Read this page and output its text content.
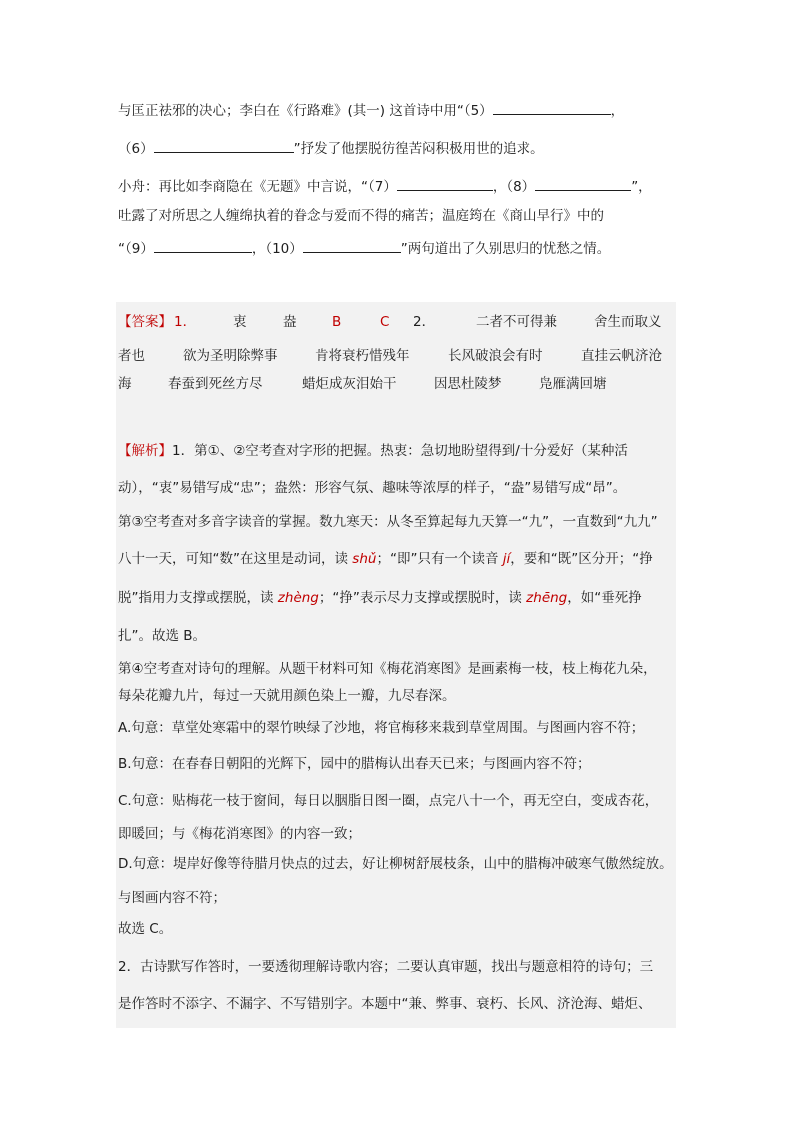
与匡正祛邪的决心；李白在《行路难》(其一) 这首诗中用“（5）	，
（6）	”抒发了他摆脱彷徨苦闷积极用世的追求。
小舟：再比如李商隐在《无题》中言说，“（7）	，（8）	”，
吐露了对所思之人缠绵执着的眷念与爱而不得的痛苦；温庭筠在《商山早行》中的
“（9）	，（10）	”两句道出了久别思归的忧愁之情。
【答案】 1．	衷	盎	B	C 2．	二者不可得兼	舍生而取义
者也	欲为圣明除弊事	肯将衰朽惜残年	长风破浪会有时	直挂云帆济沧
海	春蚕到死丝方尽	蜡炬成灰泪始干	因思杜陵梦	凫雁满回塘
【解析】1．第①、②空考查对字形的把握。热衷：急切地盼望得到/十分爱好（某种活
动），“衷”易错写成“忠”；盎然：形容气氛、趣味等浓厚的样子，“盎”易错写成“昂”。
第③空考查对多音字读音的掌握。数九寒天：从冬至算起每九天算一“九”，一直数到“九九”
八十一天，可知“数”在这里是动词，读 shǔ；“即”只有一个读音 jí，要和“既”区分开；“挣
脱”指用力支撑或摆脱，读 zhèng；“挣”表示尽力支撑或摆脱时，读 zhēng，如“垂死挣
扎”。故选 B。
第④空考查对诗句的理解。从题干材料可知《梅花消寒图》是画素梅一枝，枝上梅花九朵，
每朵花瓣九片，每过一天就用颜色染上一瓣，九尽春深。
A.句意：草堂处寒霜中的翠竹映绿了沙地，将官梅移来栽到草堂周围。与图画内容不符；
B.句意：在春春日朝阳的光辉下，园中的腊梅认出春天已来；与图画内容不符；
C.句意：贴梅花一枝于窗间，每日以胭脂日图一圈，点完八十一个，再无空白，变成杏花，
即暖回；与《梅花消寒图》的内容一致；
D.句意：堤岸好像等待腊月快点的过去，好让柳树舒展枝条，山中的腊梅冲破寒气傲然绽放。
与图画内容不符；
故选 C。
2．古诗默写作答时，一要透彻理解诗歌内容；二要认真审题，找出与题意相符的诗句；三
是作答时不添字、不漏字、不写错别字。本题中“兼、弊事、衰朽、长风、济沧海、蜡炬、
